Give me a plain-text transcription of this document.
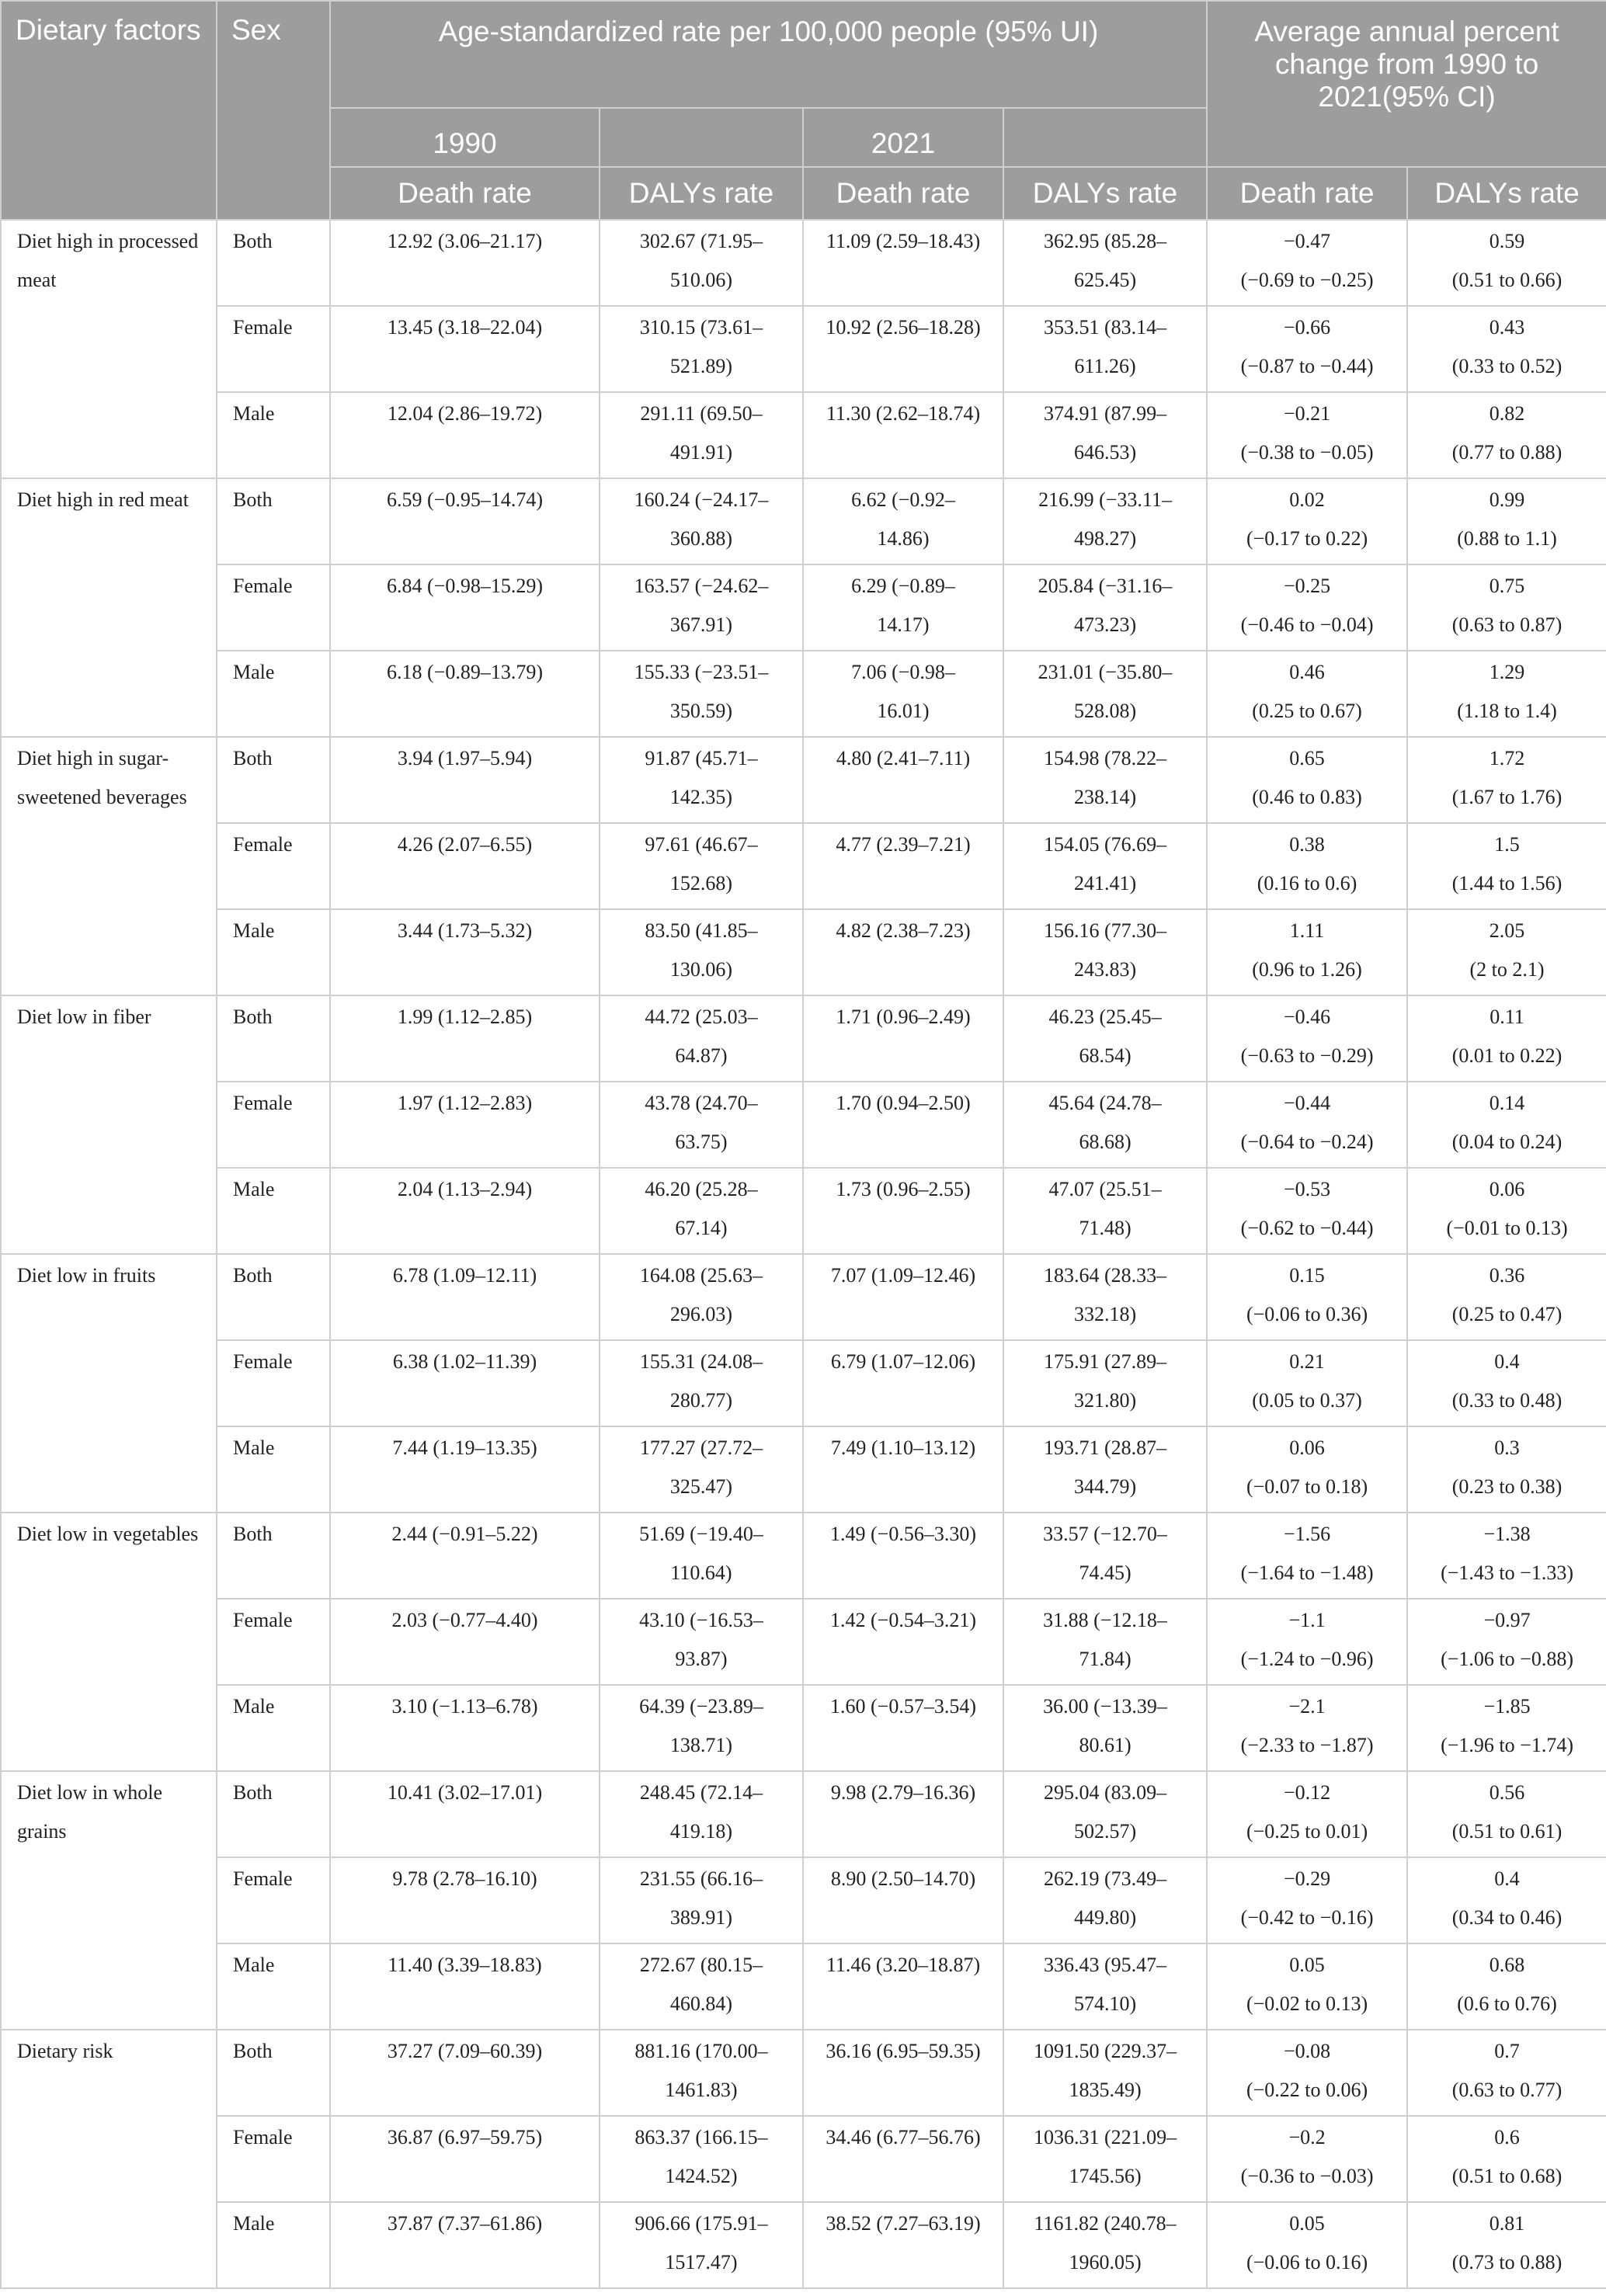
Dietary factors	Sex	Age-standardized rate per 100,000 people (95% UI)				Average annual percent change from 1990 to 2021(95% CI)	
		1990		2021			
		Death rate	DALYs rate	Death rate	DALYs rate	Death rate	DALYs rate
Diet high in processed meat	Both	12.92 (3.06–21.17)	302.67 (71.95–
510.06)	11.09 (2.59–18.43)	362.95 (85.28–
625.45)	−0.47
(−0.69 to −0.25)	0.59
(0.51 to 0.66)

	Female	13.45 (3.18–22.04)	310.15 (73.61–
521.89)	10.92 (2.56–18.28)	353.51 (83.14–
611.26)	−0.66
(−0.87 to −0.44)	0.43
(0.33 to 0.52)

	Male	12.04 (2.86–19.72)	291.11 (69.50–
491.91)	11.30 (2.62–18.74)	374.91 (87.99–
646.53)	−0.21
(−0.38 to −0.05)	0.82
(0.77 to 0.88)

Diet high in red meat	Both	6.59 (−0.95–14.74)	160.24 (−24.17–
360.88)	6.62 (−0.92–
14.86)	216.99 (−33.11–
498.27)	0.02
(−0.17 to 0.22)	0.99
(0.88 to 1.1)

	Female	6.84 (−0.98–15.29)	163.57 (−24.62–
367.91)	6.29 (−0.89–
14.17)	205.84 (−31.16–
473.23)	−0.25
(−0.46 to −0.04)	0.75
(0.63 to 0.87)

	Male	6.18 (−0.89–13.79)	155.33 (−23.51–
350.59)	7.06 (−0.98–
16.01)	231.01 (−35.80–
528.08)	0.46
(0.25 to 0.67)	1.29
(1.18 to 1.4)

Diet high in sugar-sweetened beverages	Both	3.94 (1.97–5.94)	91.87 (45.71–
142.35)	4.80 (2.41–7.11)	154.98 (78.22–
238.14)	0.65
(0.46 to 0.83)	1.72
(1.67 to 1.76)

	Female	4.26 (2.07–6.55)	97.61 (46.67–
152.68)	4.77 (2.39–7.21)	154.05 (76.69–
241.41)	0.38
(0.16 to 0.6)	1.5
(1.44 to 1.56)

	Male	3.44 (1.73–5.32)	83.50 (41.85–
130.06)	4.82 (2.38–7.23)	156.16 (77.30–
243.83)	1.11
(0.96 to 1.26)	2.05
(2 to 2.1)

Diet low in fiber	Both	1.99 (1.12–2.85)	44.72 (25.03–
64.87)	1.71 (0.96–2.49)	46.23 (25.45–
68.54)	−0.46
(−0.63 to −0.29)	0.11
(0.01 to 0.22)

	Female	1.97 (1.12–2.83)	43.78 (24.70–
63.75)	1.70 (0.94–2.50)	45.64 (24.78–
68.68)	−0.44
(−0.64 to −0.24)	0.14
(0.04 to 0.24)

	Male	2.04 (1.13–2.94)	46.20 (25.28–
67.14)	1.73 (0.96–2.55)	47.07 (25.51–
71.48)	−0.53
(−0.62 to −0.44)	0.06
(−0.01 to 0.13)

Diet low in fruits	Both	6.78 (1.09–12.11)	164.08 (25.63–
296.03)	7.07 (1.09–12.46)	183.64 (28.33–
332.18)	0.15
(−0.06 to 0.36)	0.36
(0.25 to 0.47)

	Female	6.38 (1.02–11.39)	155.31 (24.08–
280.77)	6.79 (1.07–12.06)	175.91 (27.89–
321.80)	0.21
(0.05 to 0.37)	0.4
(0.33 to 0.48)

	Male	7.44 (1.19–13.35)	177.27 (27.72–
325.47)	7.49 (1.10–13.12)	193.71 (28.87–
344.79)	0.06
(−0.07 to 0.18)	0.3
(0.23 to 0.38)

Diet low in vegetables	Both	2.44 (−0.91–5.22)	51.69 (−19.40–
110.64)	1.49 (−0.56–3.30)	33.57 (−12.70–
74.45)	−1.56
(−1.64 to −1.48)	−1.38
(−1.43 to −1.33)

	Female	2.03 (−0.77–4.40)	43.10 (−16.53–
93.87)	1.42 (−0.54–3.21)	31.88 (−12.18–
71.84)	−1.1
(−1.24 to −0.96)	−0.97
(−1.06 to −0.88)

	Male	3.10 (−1.13–6.78)	64.39 (−23.89–
138.71)	1.60 (−0.57–3.54)	36.00 (−13.39–
80.61)	−2.1
(−2.33 to −1.87)	−1.85
(−1.96 to −1.74)

Diet low in whole grains	Both	10.41 (3.02–17.01)	248.45 (72.14–
419.18)	9.98 (2.79–16.36)	295.04 (83.09–
502.57)	−0.12
(−0.25 to 0.01)	0.56
(0.51 to 0.61)

	Female	9.78 (2.78–16.10)	231.55 (66.16–
389.91)	8.90 (2.50–14.70)	262.19 (73.49–
449.80)	−0.29
(−0.42 to −0.16)	0.4
(0.34 to 0.46)

	Male	11.40 (3.39–18.83)	272.67 (80.15–
460.84)	11.46 (3.20–18.87)	336.43 (95.47–
574.10)	0.05
(−0.02 to 0.13)	0.68
(0.6 to 0.76)

Dietary risk	Both	37.27 (7.09–60.39)	881.16 (170.00–
1461.83)	36.16 (6.95–59.35)	1091.50 (229.37–
1835.49)	−0.08
(−0.22 to 0.06)	0.7
(0.63 to 0.77)

	Female	36.87 (6.97–59.75)	863.37 (166.15–
1424.52)	34.46 (6.77–56.76)	1036.31 (221.09–
1745.56)	−0.2
(−0.36 to −0.03)	0.6
(0.51 to 0.68)

	Male	37.87 (7.37–61.86)	906.66 (175.91–
1517.47)	38.52 (7.27–63.19)	1161.82 (240.78–
1960.05)	0.05
(−0.06 to 0.16)	0.81
(0.73 to 0.88)
